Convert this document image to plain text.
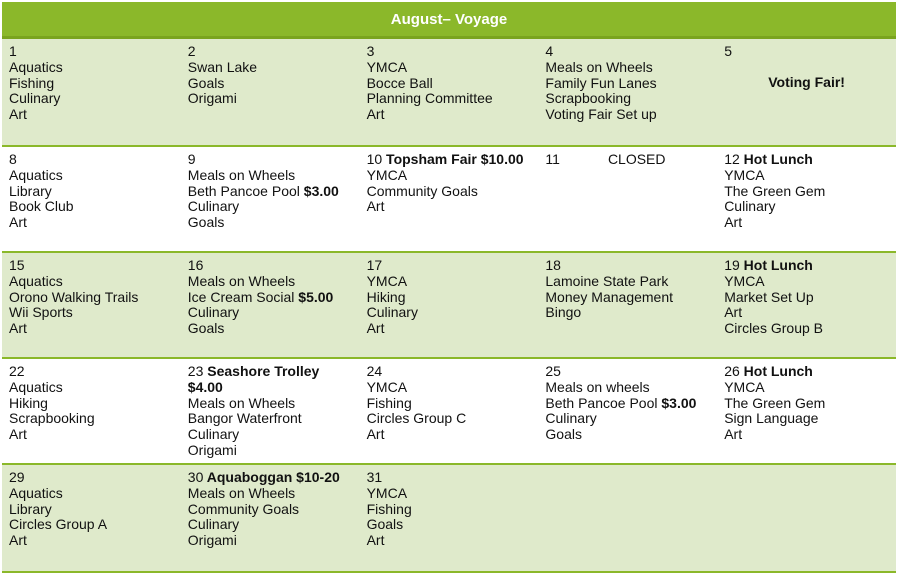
August– Voyage
1
Aquatics
Fishing
Culinary
Art
2
Swan Lake
Goals
Origami
3
YMCA
Bocce Ball
Planning Committee
Art
4
Meals on Wheels
Family Fun Lanes
Scrapbooking
Voting Fair Set up
5
Voting Fair!
8
Aquatics
Library
Book Club
Art
9
Meals on Wheels
Beth Pancoe Pool $3.00
Culinary
Goals
10 Topsham Fair $10.00
YMCA
Community Goals
Art
11	CLOSED	12 Hot Lunch
YMCA
The Green Gem
Culinary
Art
15
Aquatics
Orono Walking Trails
Wii Sports
Art
16
Meals on Wheels
Ice Cream Social $5.00
Culinary
Goals
17
YMCA
Hiking
Culinary
Art
18
Lamoine State Park
Money Management
Bingo
19 Hot Lunch
YMCA
Market Set Up
Art
Circles Group B
22
Aquatics
Hiking
Scrapbooking
Art
23 Seashore Trolley
$4.00
Meals on Wheels
Bangor Waterfront
Culinary
Origami
24
YMCA
Fishing
Circles Group C
Art
25
Meals on wheels
Beth Pancoe Pool $3.00
Culinary
Goals
26 Hot Lunch
YMCA
The Green Gem
Sign Language
Art
29
Aquatics
Library
Circles Group A
Art
30 Aquaboggan $10-20
Meals on Wheels
Community Goals
Culinary
Origami
31
YMCA
Fishing
Goals
Art
